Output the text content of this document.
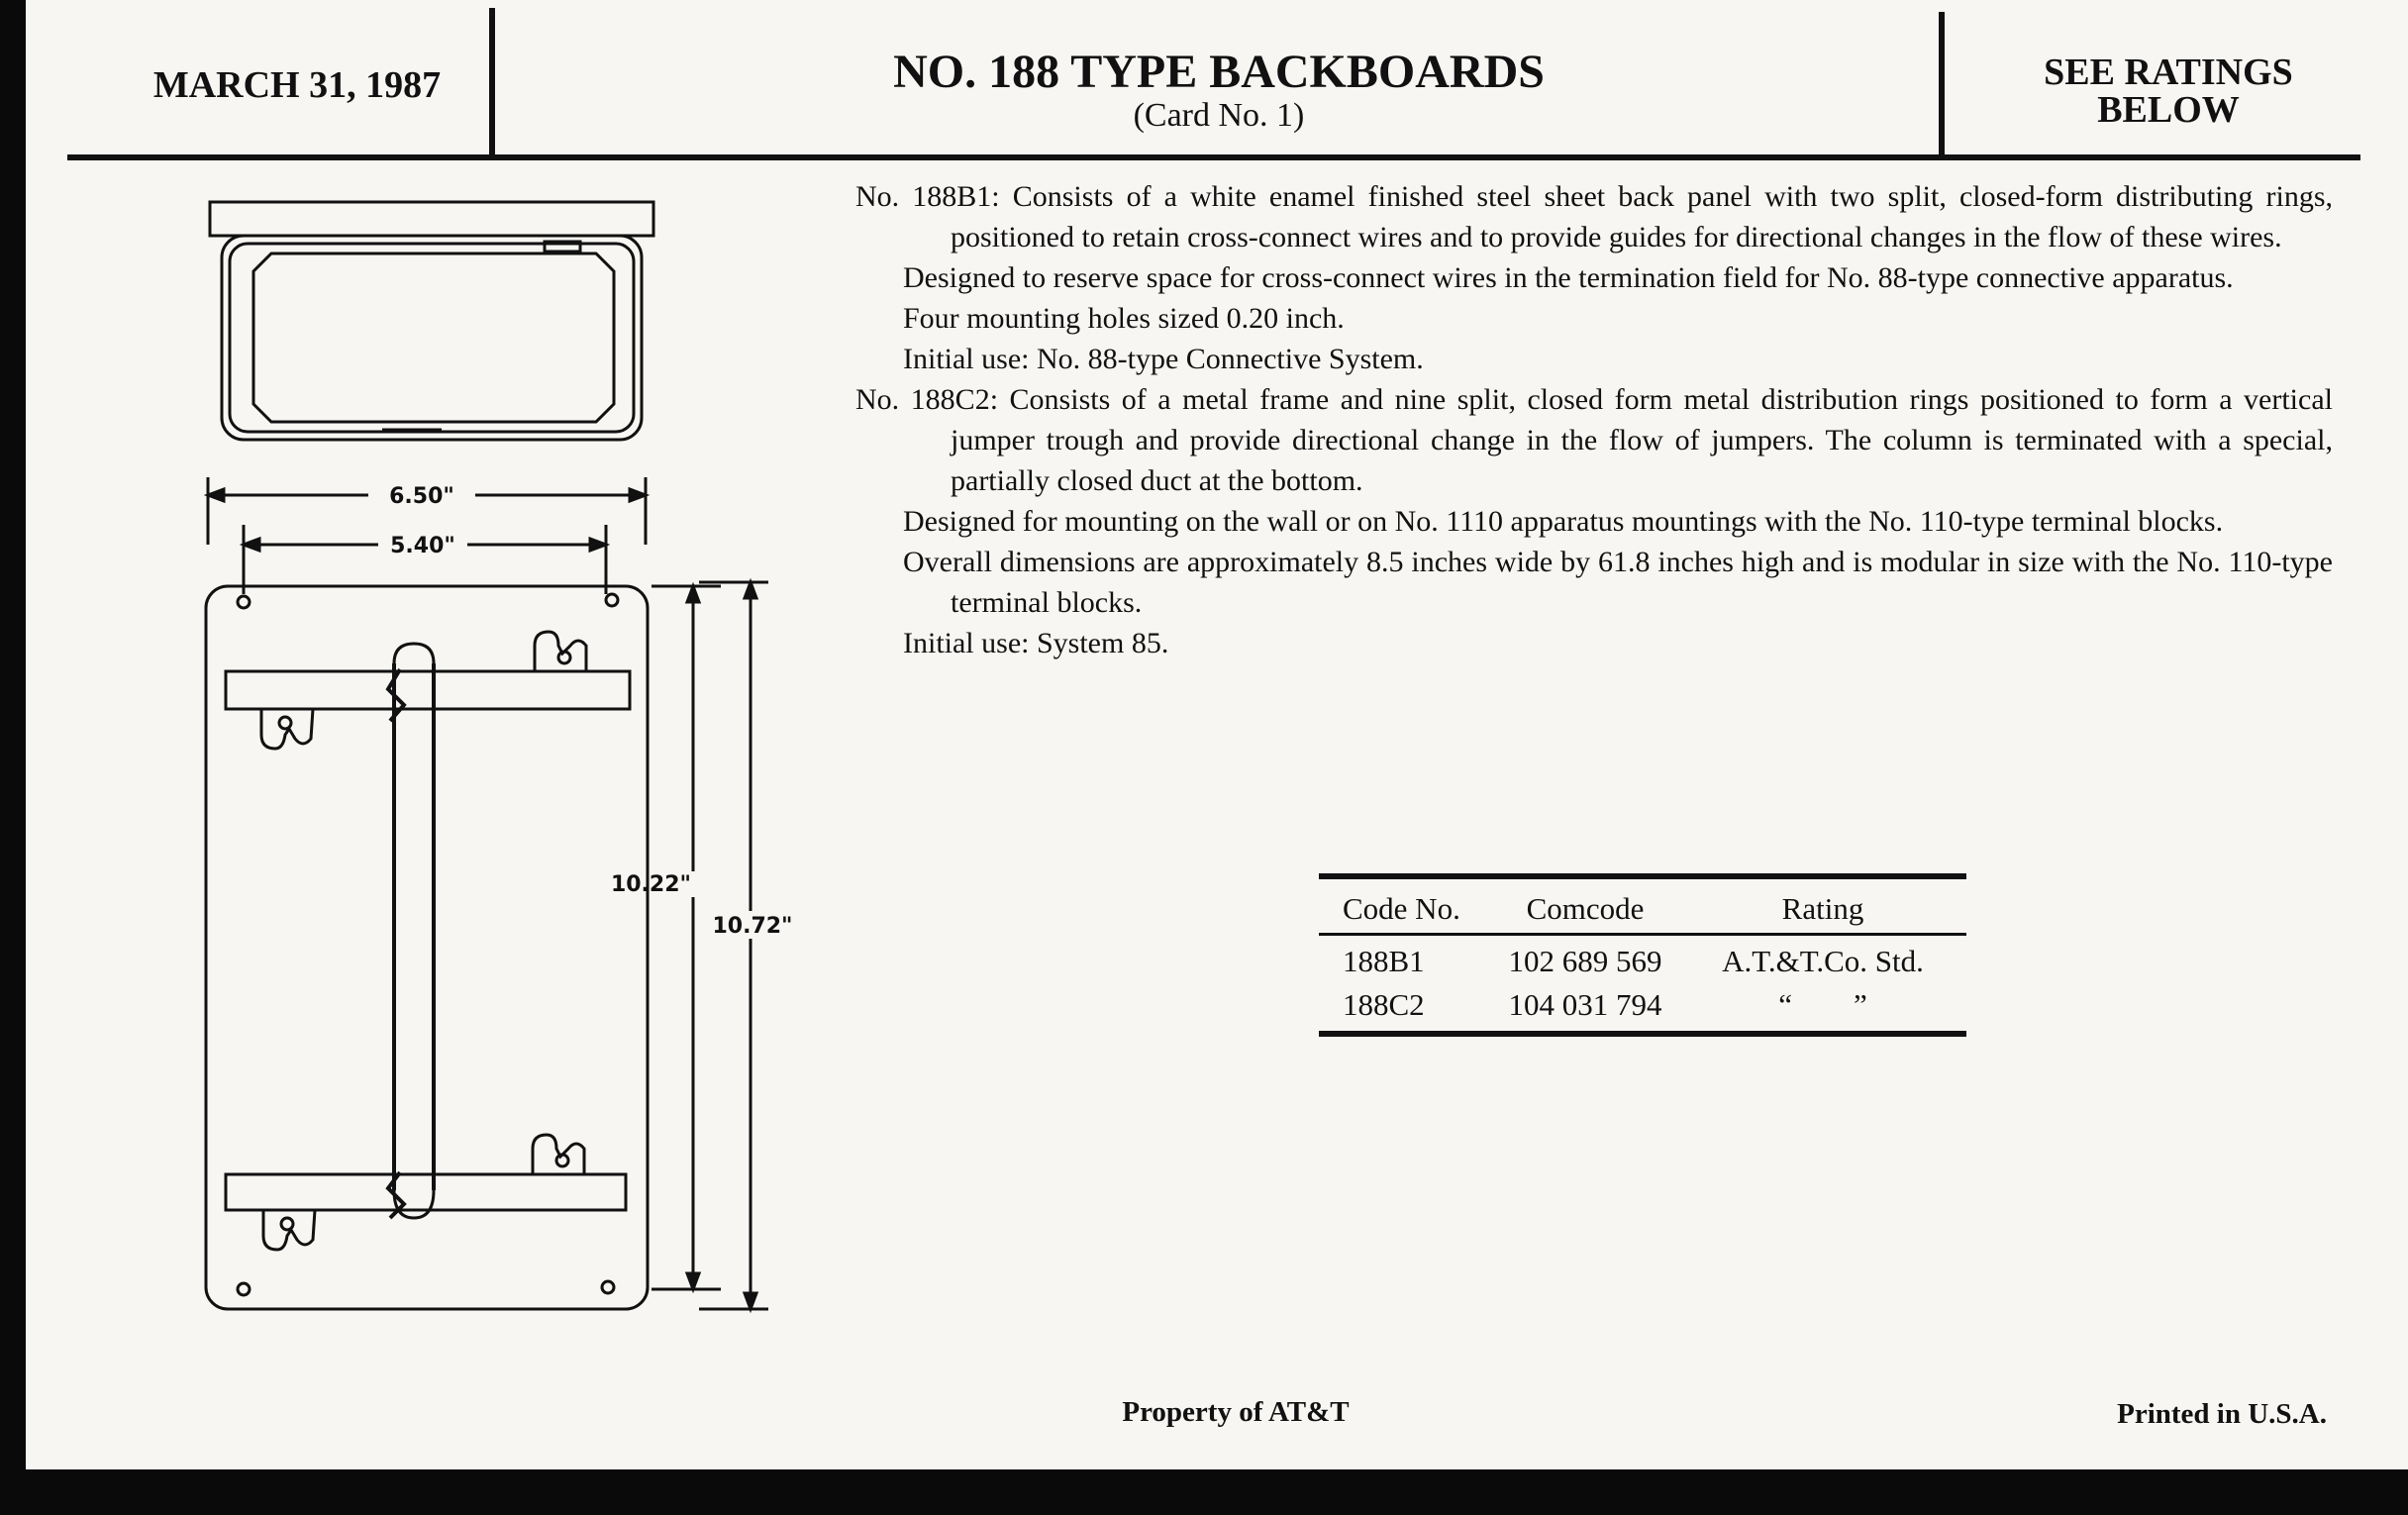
MARCH 31, 1987	NO. 188 TYPE BACKBOARDS
(Card No. 1)
SEE RATINGS
BELOW
6.50"
5.40"
10.22"
10.72"

No. 188B1: Consists of a white enamel finished steel sheet back panel with two split, closed-form distributing rings, positioned to retain cross-connect wires and to provide guides for directional changes in the flow of these wires.

Designed to reserve space for cross-connect wires in the termination field for No. 88-type connective apparatus.

Four mounting holes sized 0.20 inch.

Initial use: No. 88-type Connective System.

No. 188C2: Consists of a metal frame and nine split, closed form metal distribution rings positioned to form a vertical jumper trough and provide directional change in the flow of jumpers. The column is terminated with a special, partially closed duct at the bottom.

Designed for mounting on the wall or on No. 1110 apparatus mountings with the No. 110-type terminal blocks.

Overall dimensions are approximately 8.5 inches wide by 61.8 inches high and is modular in size with the No. 110-type terminal blocks.

Initial use: System 85.

Code No.	Comcode	Rating
188B1	102 689 569	A.T.&T.Co. Std.
188C2	104 031 794	“        ”
Property of AT&T	Printed in U.S.A.
